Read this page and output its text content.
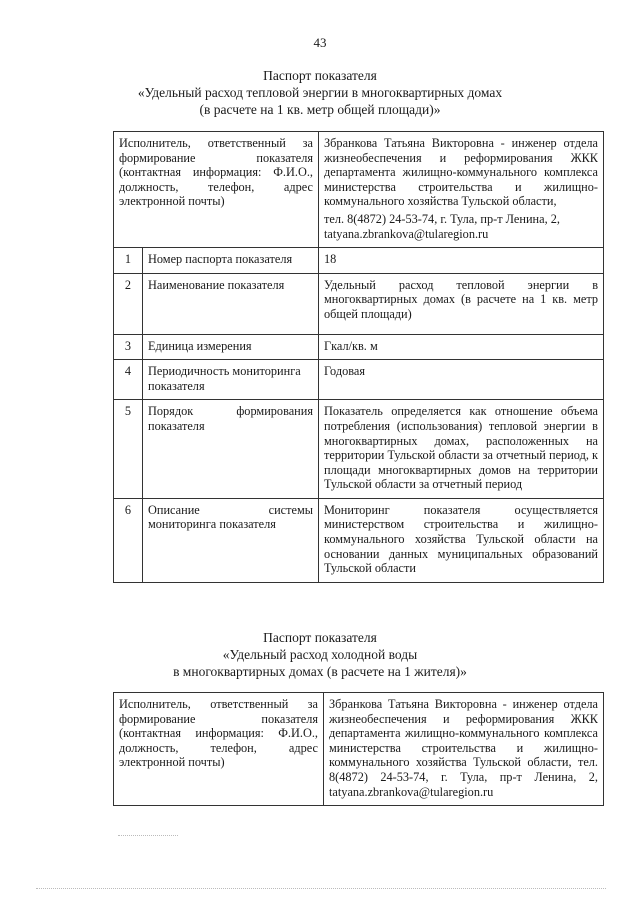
43
Паспорт показателя
«Удельный расход тепловой энергии в многоквартирных домах
(в расчете на 1 кв. метр общей площади)»
Исполнитель, ответственный за формирование показателя (контактная информация: Ф.И.О., должность, телефон, адрес электронной почты)		Збранкова Татьяна Викторовна - инженер отдела жизнеобеспечения и реформирования ЖКК департамента жилищно-коммунального комплекса министерства строительства и жилищно-коммунального хозяйства Тульской области,
тел. 8(4872) 24-53-74, г. Тула, пр-т Ленина, 2,
tatyana.zbrankova@tularegion.ru

1	Номер паспорта показателя	18
2	Наименование показателя	Удельный расход тепловой энергии в многоквартирных домах (в расчете на 1 кв. метр общей площади)
3	Единица измерения	Гкал/кв. м
4	Периодичность мониторинга показателя	Годовая
5	Порядок формирования показателя	Показатель определяется как отношение объема потребления (использования) тепловой энергии в многоквартирных домах, расположенных на территории Тульской области за отчетный период, к площади многоквартирных домов на территории Тульской области за отчетный период
6	Описание системы мониторинга показателя	Мониторинг показателя осуществляется министерством строительства и жилищно-коммунального хозяйства Тульской области на основании данных муниципальных образований Тульской области
Паспорт показателя
«Удельный расход холодной воды
в многоквартирных домах (в расчете на 1 жителя)»
Исполнитель, ответственный за формирование показателя (контактная информация: Ф.И.О., должность, телефон, адрес электронной почты)	Збранкова Татьяна Викторовна - инженер отдела жизнеобеспечения и реформирования ЖКК департамента жилищно-коммунального комплекса министерства строительства и жилищно-коммунального хозяйства Тульской области, тел. 8(4872) 24-53-74, г. Тула, пр-т Ленина, 2, tatyana.zbrankova@tularegion.ru
